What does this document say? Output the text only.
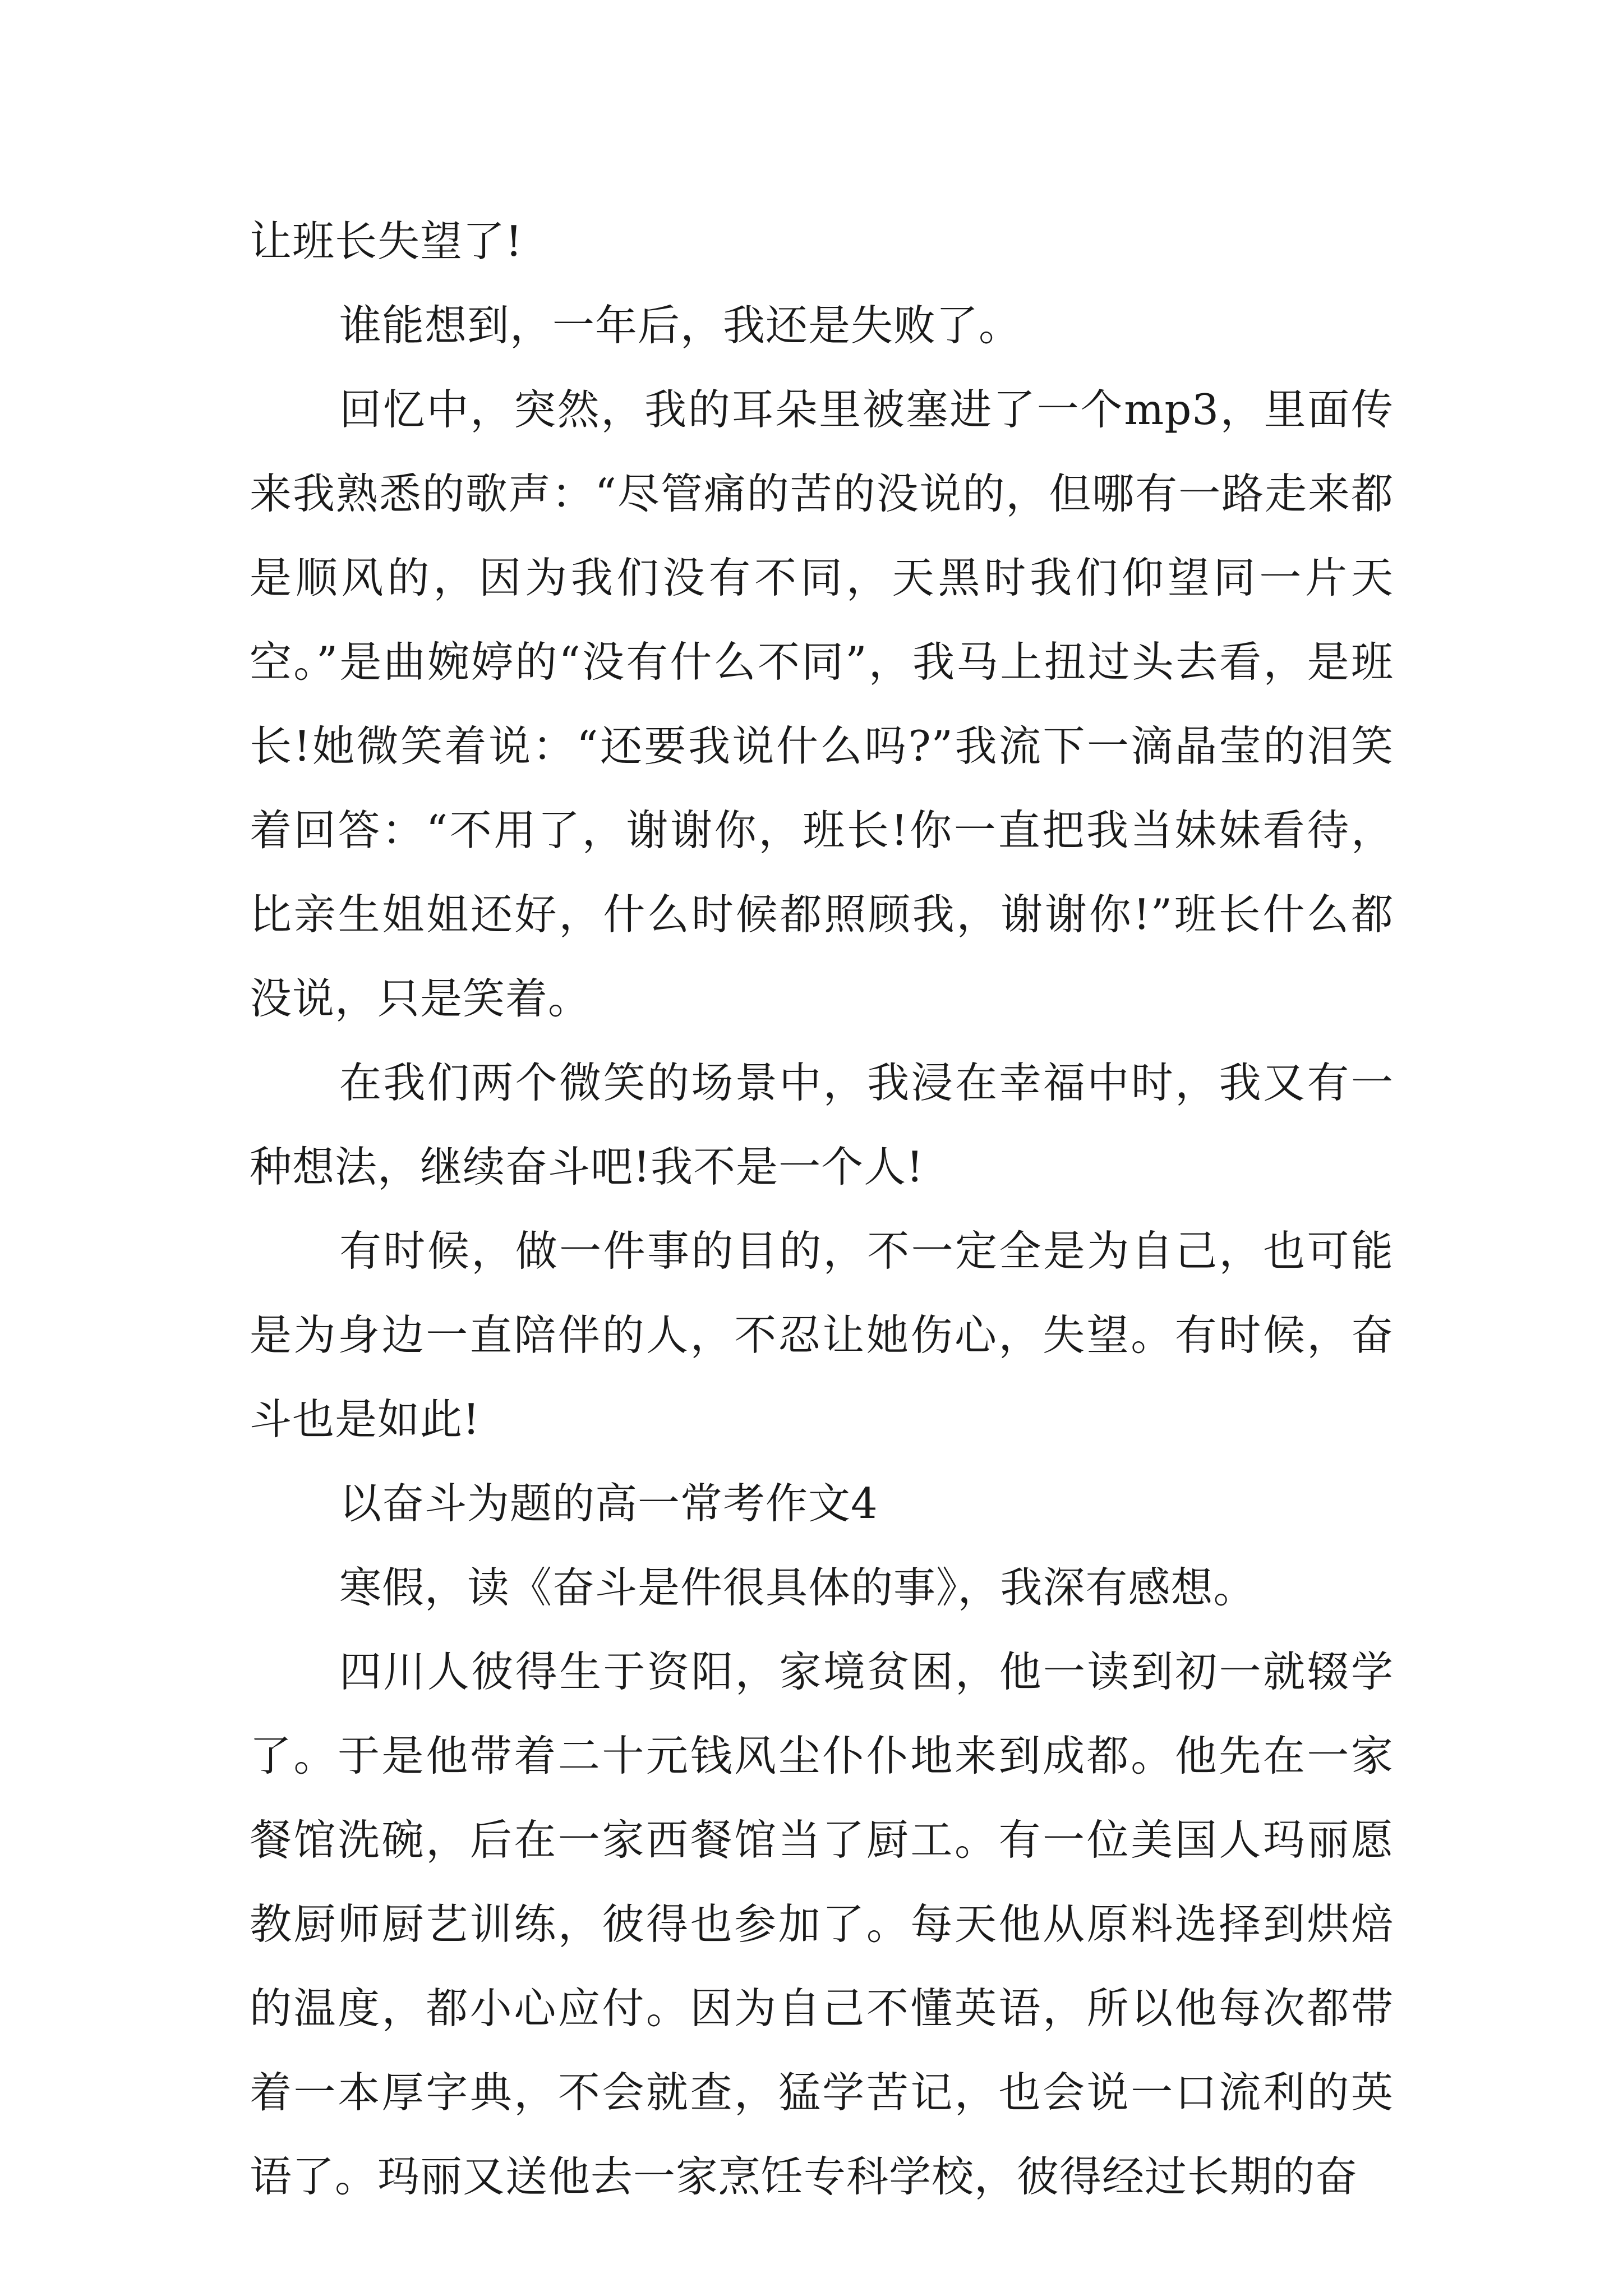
让班长失望了!

谁能想到，一年后，我还是失败了。

回忆中，突然，我的耳朵里被塞进了一个mp3，里面传来我熟悉的歌声：“尽管痛的苦的没说的，但哪有一路走来都是顺风的，因为我们没有不同，天黑时我们仰望同一片天空。”是曲婉婷的“没有什么不同”，我马上扭过头去看，是班长!她微笑着说：“还要我说什么吗?”我流下一滴晶莹的泪笑着回答：“不用了，谢谢你，班长!你一直把我当妹妹看待，比亲生姐姐还好，什么时候都照顾我，谢谢你!”班长什么都没说，只是笑着。

在我们两个微笑的场景中，我浸在幸福中时，我又有一种想法，继续奋斗吧!我不是一个人!

有时候，做一件事的目的，不一定全是为自己，也可能是为身边一直陪伴的人，不忍让她伤心，失望。有时候，奋斗也是如此!

以奋斗为题的高一常考作文4

寒假，读《奋斗是件很具体的事》，我深有感想。

四川人彼得生于资阳，家境贫困，他一读到初一就辍学了。于是他带着二十元钱风尘仆仆地来到成都。他先在一家餐馆洗碗，后在一家西餐馆当了厨工。有一位美国人玛丽愿教厨师厨艺训练，彼得也参加了。每天他从原料选择到烘焙的温度，都小心应付。因为自己不懂英语，所以他每次都带着一本厚字典，不会就查，猛学苦记，也会说一口流利的英语了。玛丽又送他去一家烹饪专科学校，彼得经过长期的奋
